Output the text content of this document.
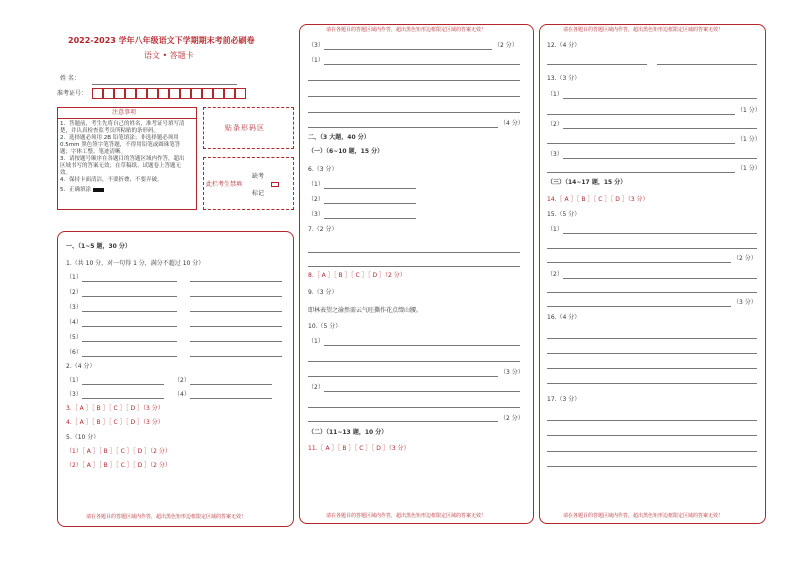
2022-2023 学年八年级语文下学期期末考前必刷卷
语文 • 答题卡
姓 名：
准考证号：
注意事项
1．答题前，考生先将自己的姓名，准考证号填写清
楚，并认真检查监考员所粘贴的条形码。
2．选择题必须用 2B 铅笔填涂；非选择题必须用
0.5mm 黑色签字笔答题，不得用铅笔或圆珠笔答
题；字体工整、笔迹清晰。
3．请按题号顺序在各题目的答题区域内作答，超出
区域书写的答案无效；在草稿纸、试题卷上答题无
效。
4．保持卡面清洁，不要折叠、不要弄破。
5．正确填涂
贴条形码区
此栏考生禁填
缺考
标记
一、（1~5 题，30 分）
1.（共 10 分，对一句得 1 分，满分不超过 10 分）
（1）
（2）
（3）
（4）
（5）
（6）
2.（4 分）
（1）	（2）
（3）	（4）
3.［ A ］［ B ］［ C ］［ D ］（3 分）
4.［ A ］［ B ］［ C ］［ D ］（3 分）
5.（10 分）
（1）［ A ］［ B ］［ C ］［ D ］（2 分）
（2）［ A ］［ B ］［ C ］［ D ］（2 分）
请在各题目的答题区域内作答，超出黑色矩形边框限定区域的答案无效！
请在各题目的答题区域内作答，超出黑色矩形边框限定区域的答案无效！
（3）	（2 分）
（1）
（4 分）
二、（3 大题，40 分）
（一）（6~10 题，15 分）
6.（3 分）
（1）
（2）
（3）
7.（2 分）
8.［ A ］［ B ］［ C ］［ D ］（2 分）
9.（3 分）
即林表望之渝然需云气旺撕作花点缀山腰。
10.（5 分）
（1）
（3 分）
（2）
（2 分）
（二）（11~13 题，10 分）
11.［ A ］［ B ］［ C ］［ D ］（3 分）
请在各题目的答题区域内作答，超出黑色矩形边框限定区域的答案无效！
请在各题目的答题区域内作答，超出黑色矩形边框限定区域的答案无效！
12.（4 分）
13.（3 分）
（1）
（1 分）
（2）
（1 分）
（3）
（1 分）
（三）（14~17 题，15 分）
14.［ A ］［ B ］［ C ］［ D ］（3 分）
15.（5 分）
（1）
（2 分）
（2）
（3 分）
16.（4 分）
17.（3 分）
请在各题目的答题区域内作答，超出黑色矩形边框限定区域的答案无效！
